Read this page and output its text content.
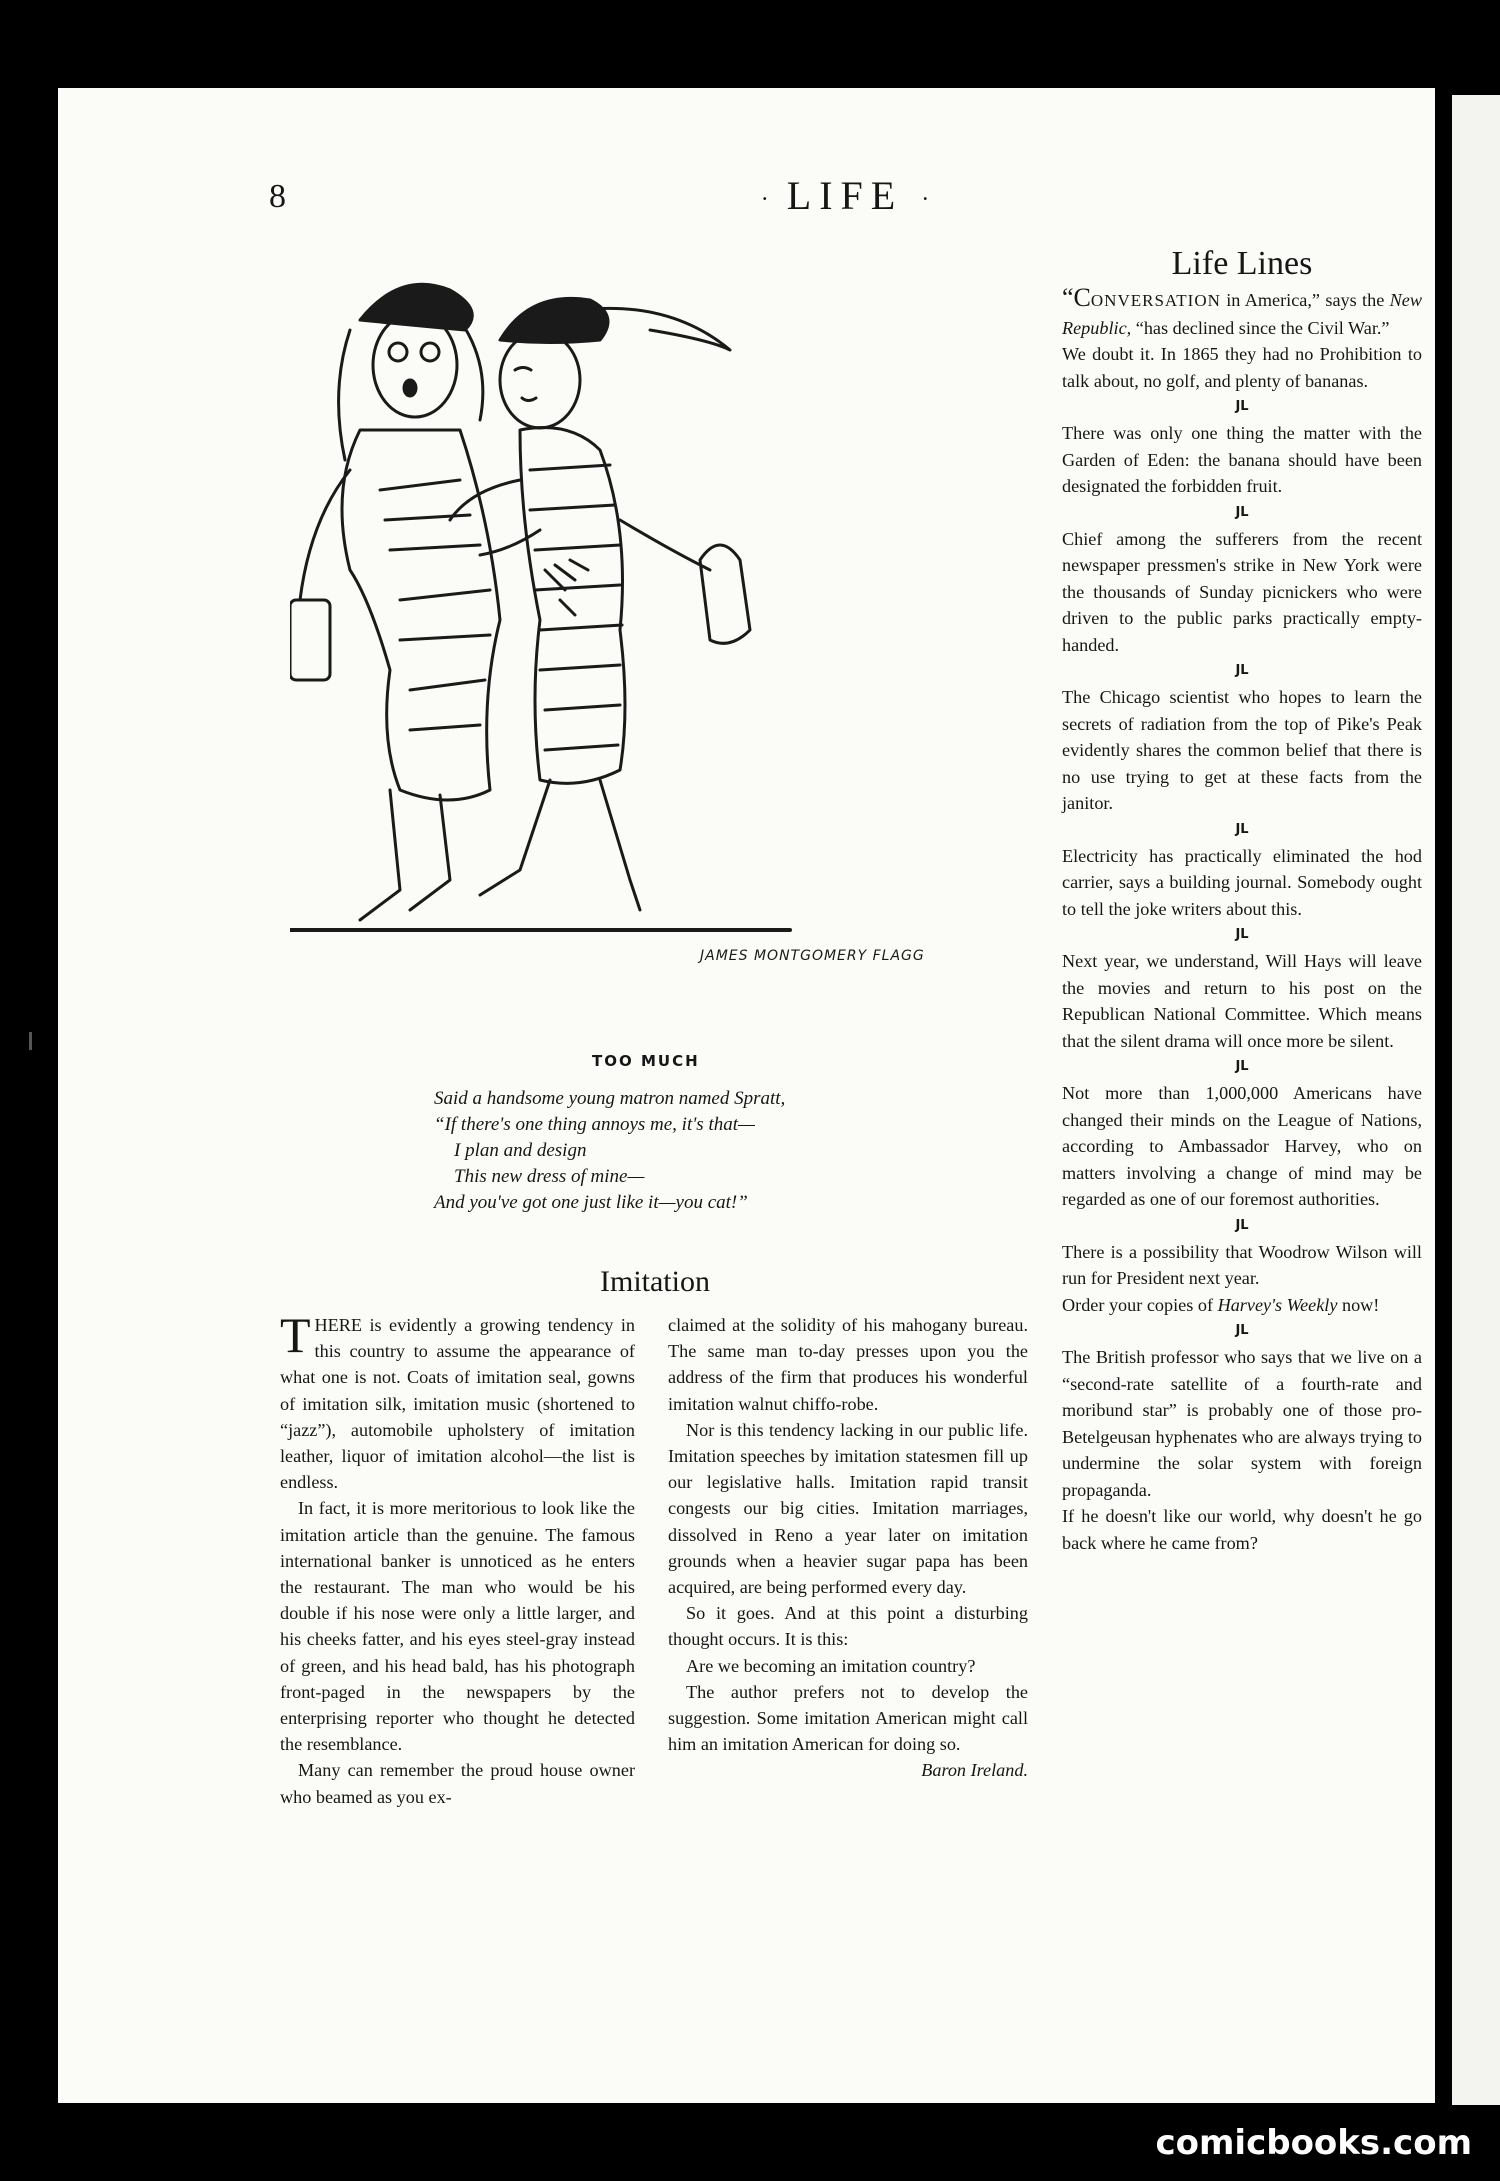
8	· LIFE ·
JAMES MONTGOMERY FLAGG
TOO MUCH
Said a handsome young matron named Spratt,
“If there's one thing annoys me, it's that—
I plan and design
This new dress of mine—
And you've got one just like it—you cat!”
Life Lines

“CONVERSATION in America,” says the New Republic, “has declined since the Civil War.”

We doubt it. In 1865 they had no Prohibition to talk about, no golf, and plenty of bananas.

JL

There was only one thing the matter with the Garden of Eden: the banana should have been designated the forbidden fruit.

JL

Chief among the sufferers from the recent newspaper pressmen's strike in New York were the thousands of Sunday picnickers who were driven to the public parks practically empty-handed.

JL

The Chicago scientist who hopes to learn the secrets of radiation from the top of Pike's Peak evidently shares the common belief that there is no use trying to get at these facts from the janitor.

JL

Electricity has practically eliminated the hod carrier, says a building journal. Somebody ought to tell the joke writers about this.

JL

Next year, we understand, Will Hays will leave the movies and return to his post on the Republican National Committee. Which means that the silent drama will once more be silent.

JL

Not more than 1,000,000 Americans have changed their minds on the League of Nations, according to Ambassador Harvey, who on matters involving a change of mind may be regarded as one of our foremost authorities.

JL

There is a possibility that Woodrow Wilson will run for President next year.

Order your copies of Harvey's Weekly now!

JL

The British professor who says that we live on a “second-rate satellite of a fourth-rate and moribund star” is probably one of those pro-Betelgeusan hyphenates who are always trying to undermine the solar system with foreign propaganda.

If he doesn't like our world, why doesn't he go back where he came from?

Imitation

THERE is evidently a growing tendency in this country to assume the appearance of what one is not. Coats of imitation seal, gowns of imitation silk, imitation music (shortened to “jazz”), automobile upholstery of imitation leather, liquor of imitation alcohol—the list is endless.

In fact, it is more meritorious to look like the imitation article than the genuine. The famous international banker is unnoticed as he enters the restaurant. The man who would be his double if his nose were only a little larger, and his cheeks fatter, and his eyes steel-gray instead of green, and his head bald, has his photograph front-paged in the newspapers by the enterprising reporter who thought he detected the resemblance.

Many can remember the proud house owner who beamed as you ex-

claimed at the solidity of his mahogany bureau. The same man to-day presses upon you the address of the firm that produces his wonderful imitation walnut chiffo-robe.

Nor is this tendency lacking in our public life. Imitation speeches by imitation statesmen fill up our legislative halls. Imitation rapid transit congests our big cities. Imitation marriages, dissolved in Reno a year later on imitation grounds when a heavier sugar papa has been acquired, are being performed every day.

So it goes. And at this point a disturbing thought occurs. It is this:

Are we becoming an imitation country?

The author prefers not to develop the suggestion. Some imitation American might call him an imitation American for doing so.

Baron Ireland.
comicbooks.com
